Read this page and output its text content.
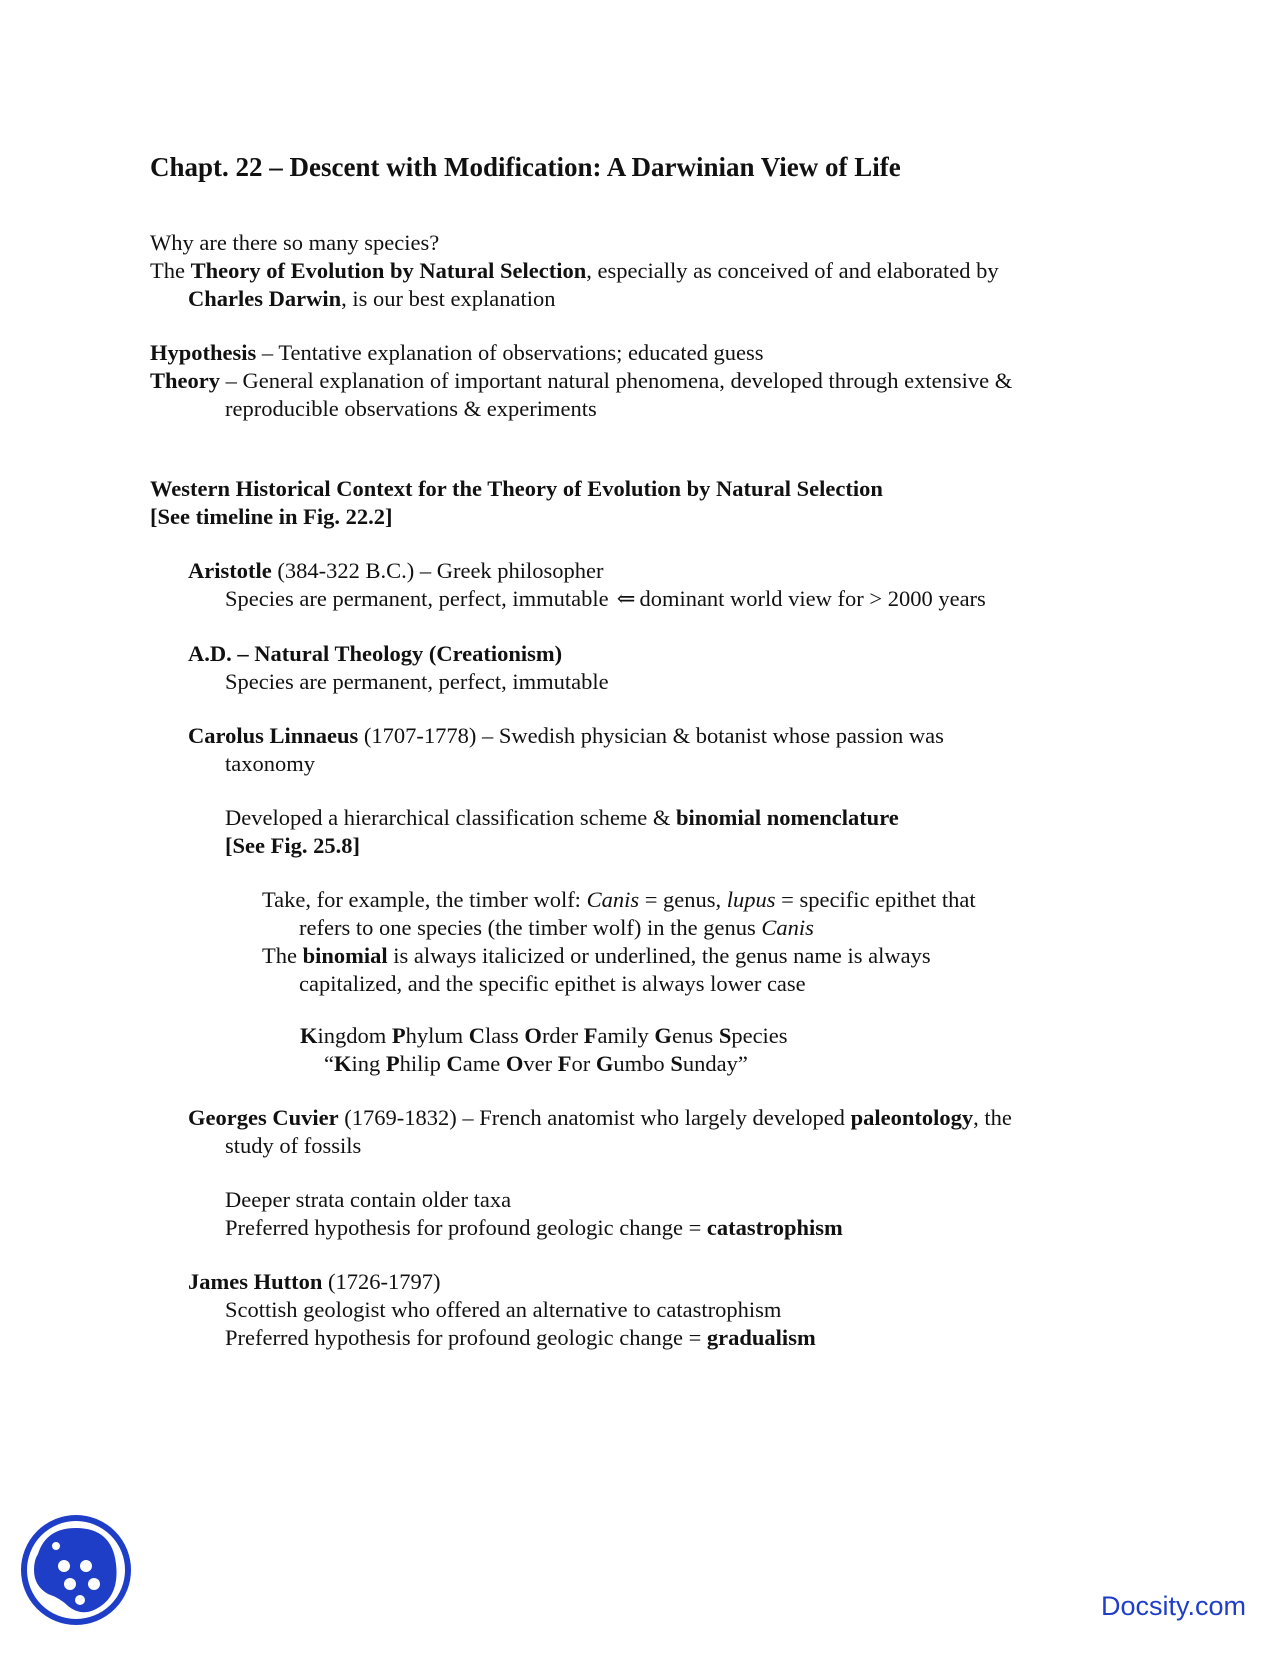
Chapt. 22 – Descent with Modification: A Darwinian View of Life
Why are there so many species?
The Theory of Evolution by Natural Selection, especially as conceived of and elaborated by
Charles Darwin, is our best explanation
Hypothesis – Tentative explanation of observations; educated guess
Theory – General explanation of important natural phenomena, developed through extensive &
reproducible observations & experiments
Western Historical Context for the Theory of Evolution by Natural Selection
[See timeline in Fig. 22.2]
Aristotle (384-322 B.C.) – Greek philosopher
Species are permanent, perfect, immutable ⇐ dominant world view for > 2000 years
A.D. – Natural Theology (Creationism)
Species are permanent, perfect, immutable
Carolus Linnaeus (1707-1778) – Swedish physician & botanist whose passion was
taxonomy
Developed a hierarchical classification scheme & binomial nomenclature
[See Fig. 25.8]
Take, for example, the timber wolf: Canis = genus, lupus = specific epithet that
refers to one species (the timber wolf) in the genus Canis
The binomial is always italicized or underlined, the genus name is always
capitalized, and the specific epithet is always lower case
Kingdom Phylum Class Order Family Genus Species
“King Philip Came Over For Gumbo Sunday”
Georges Cuvier (1769-1832) – French anatomist who largely developed paleontology, the
study of fossils
Deeper strata contain older taxa
Preferred hypothesis for profound geologic change = catastrophism
James Hutton (1726-1797)
Scottish geologist who offered an alternative to catastrophism
Preferred hypothesis for profound geologic change = gradualism
Docsity.com
